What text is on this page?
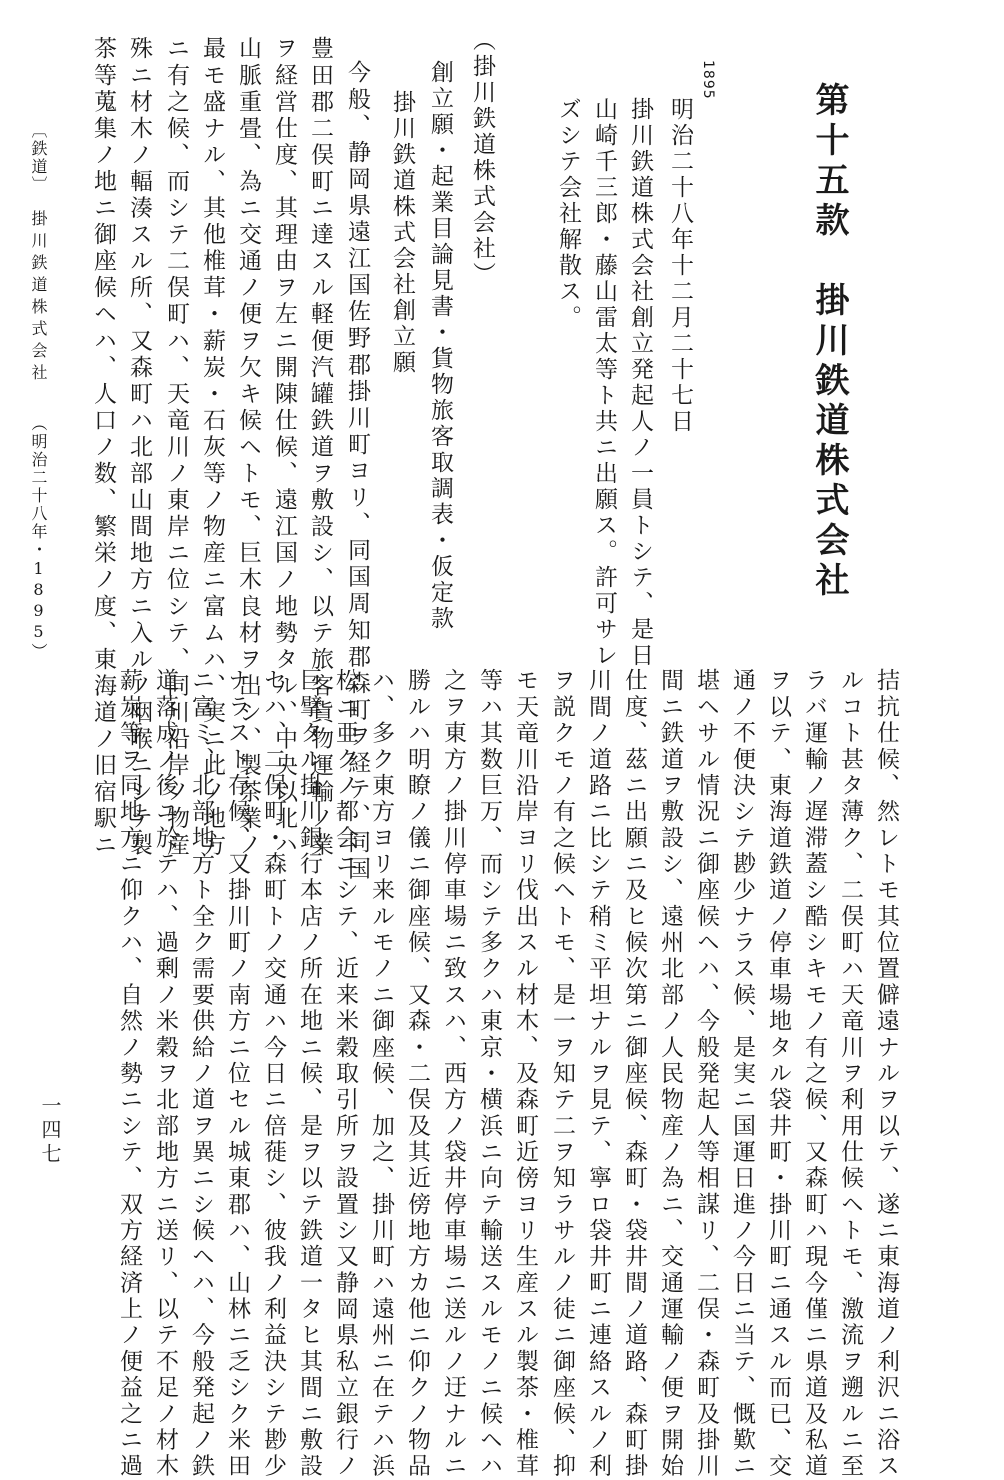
第十五款　掛川鉄道株式会社
1895
明治二十八年十二月二十七日
掛川鉄道株式会社創立発起人ノ一員トシテ、是日
山崎千三郎・藤山雷太等ト共ニ出願ス。許可サレ
ズシテ会社解散ス。
（掛川鉄道株式会社）
創立願・起業目論見書・貨物旅客取調表・仮定款
掛川鉄道株式会社創立願
今般、静岡県遠江国佐野郡掛川町ヨリ、同国周知郡森町ヲ経テ、同国
豊田郡二俣町ニ達スル軽便汽罐鉄道ヲ敷設シ、以テ旅客貨物運輸ノ業
ヲ経営仕度、其理由ヲ左ニ開陳仕候、遠江国ノ地勢タル、中央以北ハ
山脈重畳、為ニ交通ノ便ヲ欠キ候ヘトモ、巨木良材ヲ出シ、製茶業ノ
最モ盛ナル、其他椎茸・薪炭・石灰等ノ物産ニ富ムハ、実ニ此ノ地方
ニ有之候、而シテ二俣町ハ、天竜川ノ東岸ニ位シテ、同川沿岸ノ物産
殊ニ材木ノ輻湊スル所、又森町ハ北部山間地方ニ入ルノ咽喉ニシテ製
茶等蒐集ノ地ニ御座候ヘハ、人口ノ数、繁栄ノ度、東海道ノ旧宿駅ニ
〔鉄道〕
掛川鉄道株式会社
（明治二十八年・1895）
拮抗仕候、然レトモ其位置僻遠ナルヲ以テ、遂ニ東海道ノ利沢ニ浴ス
ルコト甚タ薄ク、二俣町ハ天竜川ヲ利用仕候ヘトモ、激流ヲ遡ルニ至
ラバ運輸ノ遅滞蓋シ酷シキモノ有之候、又森町ハ現今僅ニ県道及私道
ヲ以テ、東海道鉄道ノ停車場地タル袋井町・掛川町ニ通スル而已、交
通ノ不便決シテ尠少ナラス候、是実ニ国運日進ノ今日ニ当テ、慨歎ニ
堪ヘサル情況ニ御座候ヘハ、今般発起人等相謀リ、二俣・森町及掛川
間ニ鉄道ヲ敷設シ、遠州北部ノ人民物産ノ為ニ、交通運輸ノ便ヲ開始
仕度、茲ニ出願ニ及ヒ候次第ニ御座候、森町・袋井間ノ道路、森町掛
川間ノ道路ニ比シテ稍ミ平坦ナルヲ見テ、寧ロ袋井町ニ連絡スルノ利
ヲ説クモノ有之候ヘトモ、是一ヲ知テ二ヲ知ラサルノ徒ニ御座候、抑
モ天竜川沿岸ヨリ伐出スル材木、及森町近傍ヨリ生産スル製茶・椎茸
等ハ其数巨万、而シテ多クハ東京・横浜ニ向テ輸送スルモノニ候ヘハ
之ヲ東方ノ掛川停車場ニ致スハ、西方ノ袋井停車場ニ送ルノ迂ナルニ
勝ルハ明瞭ノ儀ニ御座候、又森・二俣及其近傍地方カ他ニ仰クノ物品
ハ、多ク東方ヨリ来ルモノニ御座候、加之、掛川町ハ遠州ニ在テハ浜
松ニ亜クノ都会ニシテ、近来米穀取引所ヲ設置シ又静岡県私立銀行ノ
巨擘タル掛川銀行本店ノ所在地ニ候、是ヲ以テ鉄道一タヒ其間ニ敷設
セハ、二俣町・森町トノ交通ハ今日ニ倍蓰シ、彼我ノ利益決シテ尠少
ナラスト存候、又掛川町ノ南方ニ位セル城東郡ハ、山林ニ乏シク米田
ニ富ミ、北部地方ト全ク需要供給ノ道ヲ異ニシ候ヘハ、今般発起ノ鉄
道落成ノ後ニ於テハ、過剰ノ米穀ヲ北部地方ニ送リ、以テ不足ノ材木
薪炭等ヲ同地方ニ仰クハ、自然ノ勢ニシテ、双方経済上ノ便益之ニ過
一四七
